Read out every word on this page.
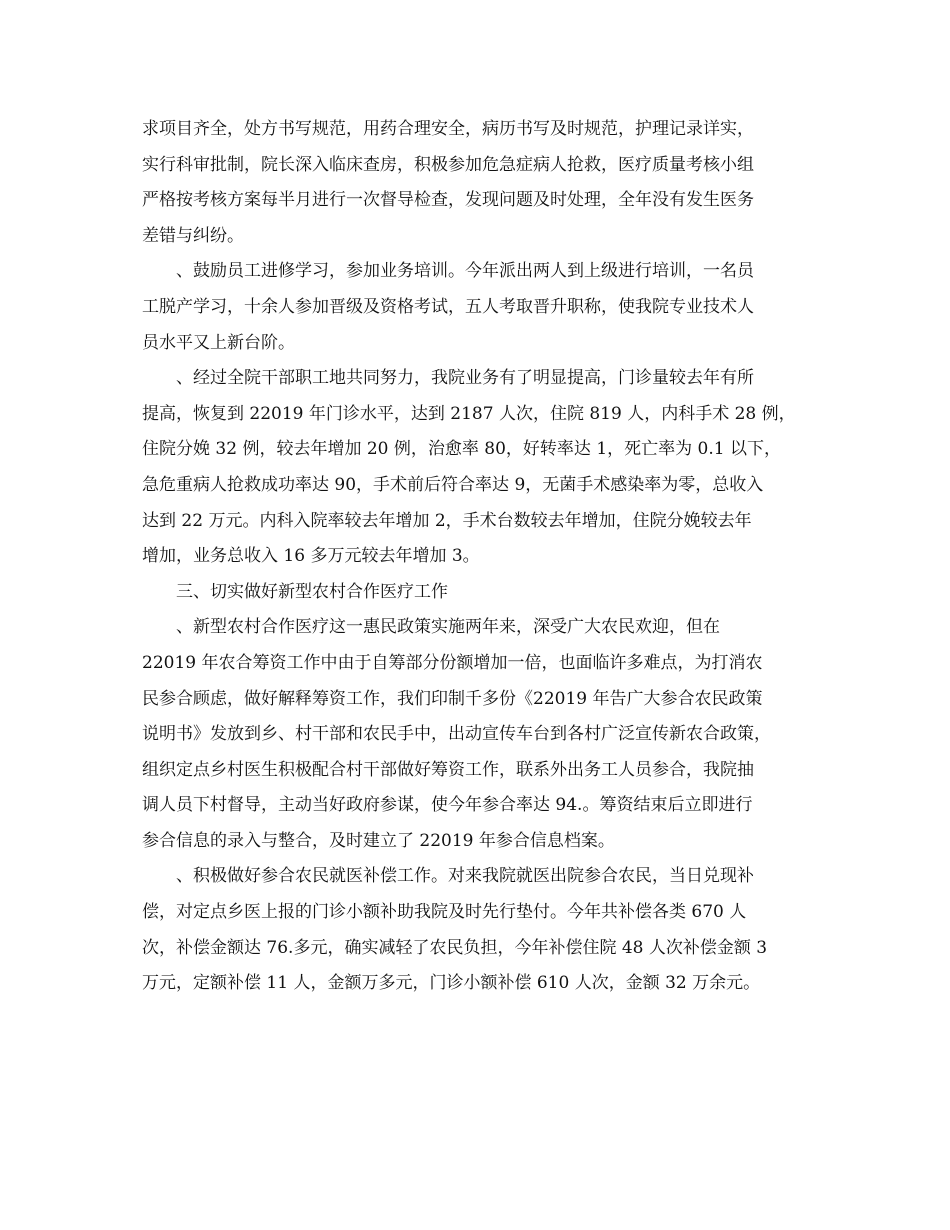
求项目齐全，处方书写规范，用药合理安全，病历书写及时规范，护理记录详实，
实行科审批制，院长深入临床查房，积极参加危急症病人抢救，医疗质量考核小组
严格按考核方案每半月进行一次督导检查，发现问题及时处理，全年没有发生医务
差错与纠纷。
、鼓励员工进修学习，参加业务培训。今年派出两人到上级进行培训，一名员
工脱产学习，十余人参加晋级及资格考试，五人考取晋升职称，使我院专业技术人
员水平又上新台阶。
、经过全院干部职工地共同努力，我院业务有了明显提高，门诊量较去年有所
提高，恢复到 22019 年门诊水平，达到 2187 人次，住院 819 人，内科手术 28 例，
住院分娩 32 例，较去年增加 20 例，治愈率 80，好转率达 1，死亡率为 0.1 以下，
急危重病人抢救成功率达 90，手术前后符合率达 9，无菌手术感染率为零，总收入
达到 22 万元。内科入院率较去年增加 2，手术台数较去年增加，住院分娩较去年
增加，业务总收入 16 多万元较去年增加 3。
三、切实做好新型农村合作医疗工作
、新型农村合作医疗这一惠民政策实施两年来，深受广大农民欢迎，但在
22019 年农合筹资工作中由于自筹部分份额增加一倍，也面临许多难点，为打消农
民参合顾虑，做好解释筹资工作，我们印制千多份《22019 年告广大参合农民政策
说明书》发放到乡、村干部和农民手中，出动宣传车台到各村广泛宣传新农合政策，
组织定点乡村医生积极配合村干部做好筹资工作，联系外出务工人员参合，我院抽
调人员下村督导，主动当好政府参谋，使今年参合率达 94.。筹资结束后立即进行
参合信息的录入与整合，及时建立了 22019 年参合信息档案。
、积极做好参合农民就医补偿工作。对来我院就医出院参合农民，当日兑现补
偿，对定点乡医上报的门诊小额补助我院及时先行垫付。今年共补偿各类 670 人
次，补偿金额达 76.多元，确实减轻了农民负担，今年补偿住院 48 人次补偿金额 3
万元，定额补偿 11 人，金额万多元，门诊小额补偿 610 人次，金额 32 万余元。
